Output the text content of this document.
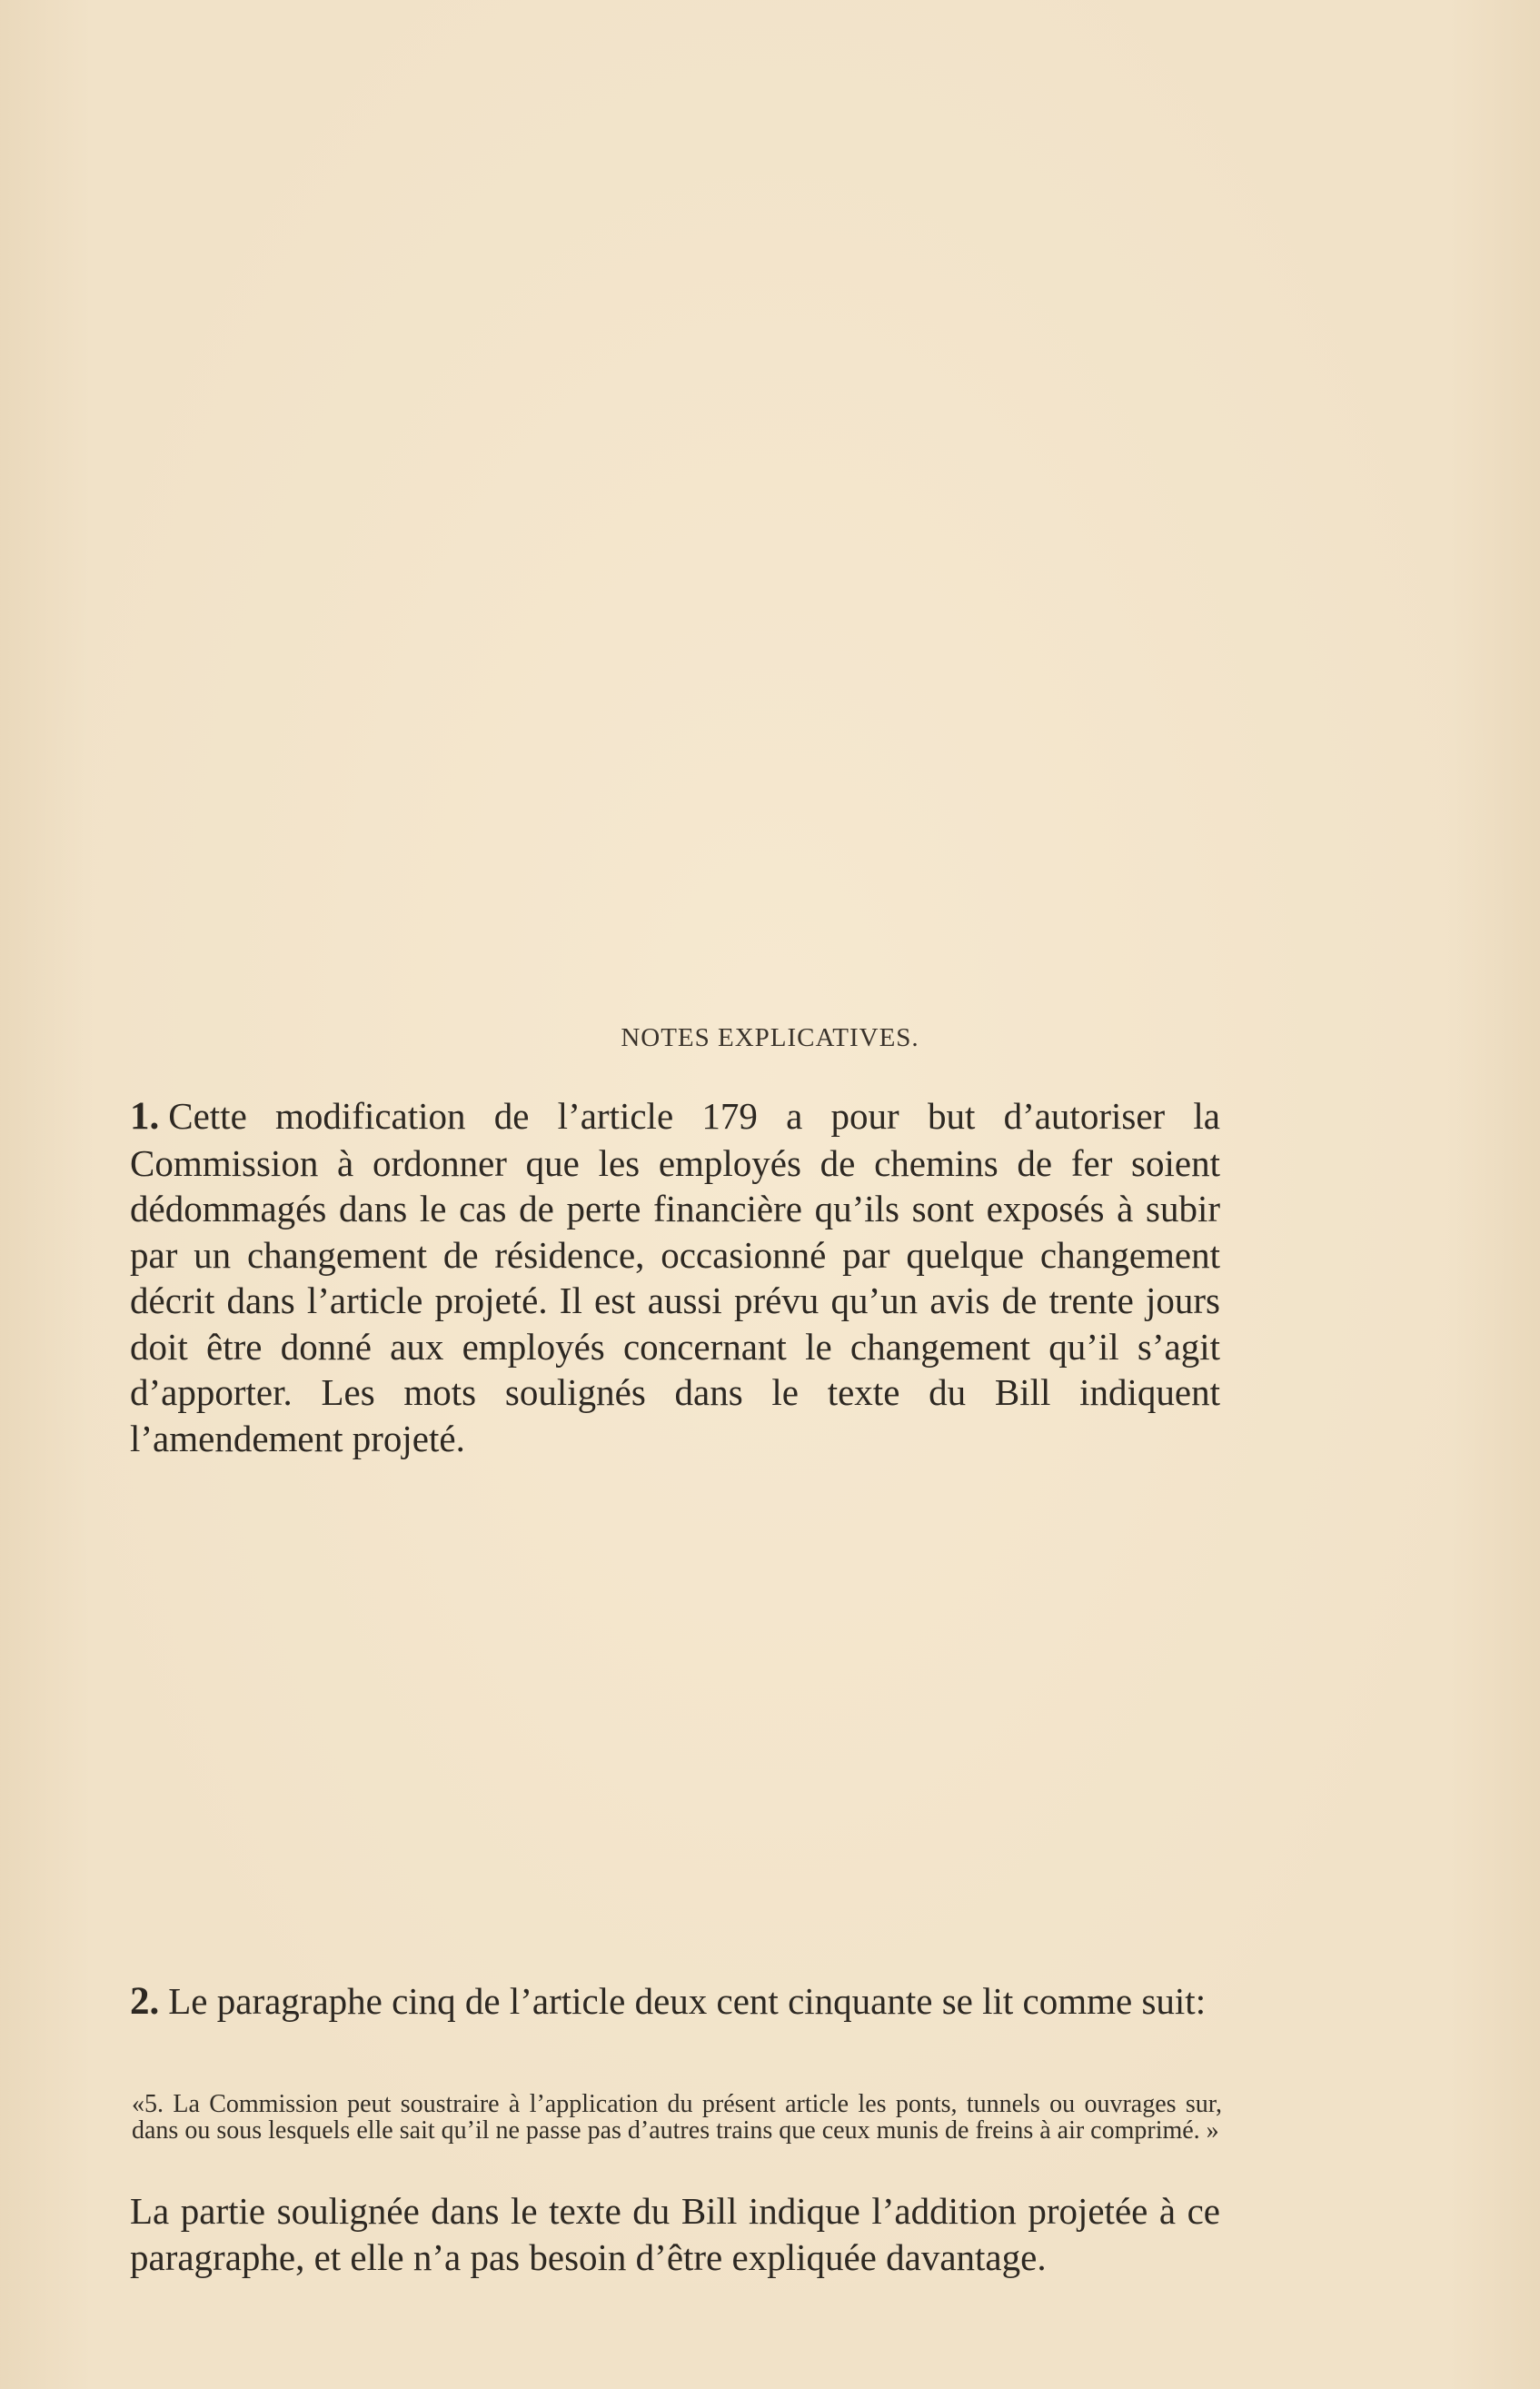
NOTES EXPLICATIVES.
1. Cette modification de l’article 179 a pour but d’autoriser la Commission à ordonner que les employés de chemins de fer soient dédommagés dans le cas de perte financière qu’ils sont exposés à subir par un changement de résidence, occasionné par quelque changement décrit dans l’article projeté. Il est aussi prévu qu’un avis de trente jours doit être donné aux employés concernant le changement qu’il s’agit d’apporter. Les mots soulignés dans le texte du Bill indiquent l’amendement projeté.
2. Le paragraphe cinq de l’article deux cent cinquante se lit comme suit:
«5. La Commission peut soustraire à l’application du présent article les ponts, tunnels ou ouvrages sur, dans ou sous lesquels elle sait qu’il ne passe pas d’autres trains que ceux munis de freins à air comprimé. »
La partie soulignée dans le texte du Bill indique l’addition projetée à ce paragraphe, et elle n’a pas besoin d’être expliquée davantage.
